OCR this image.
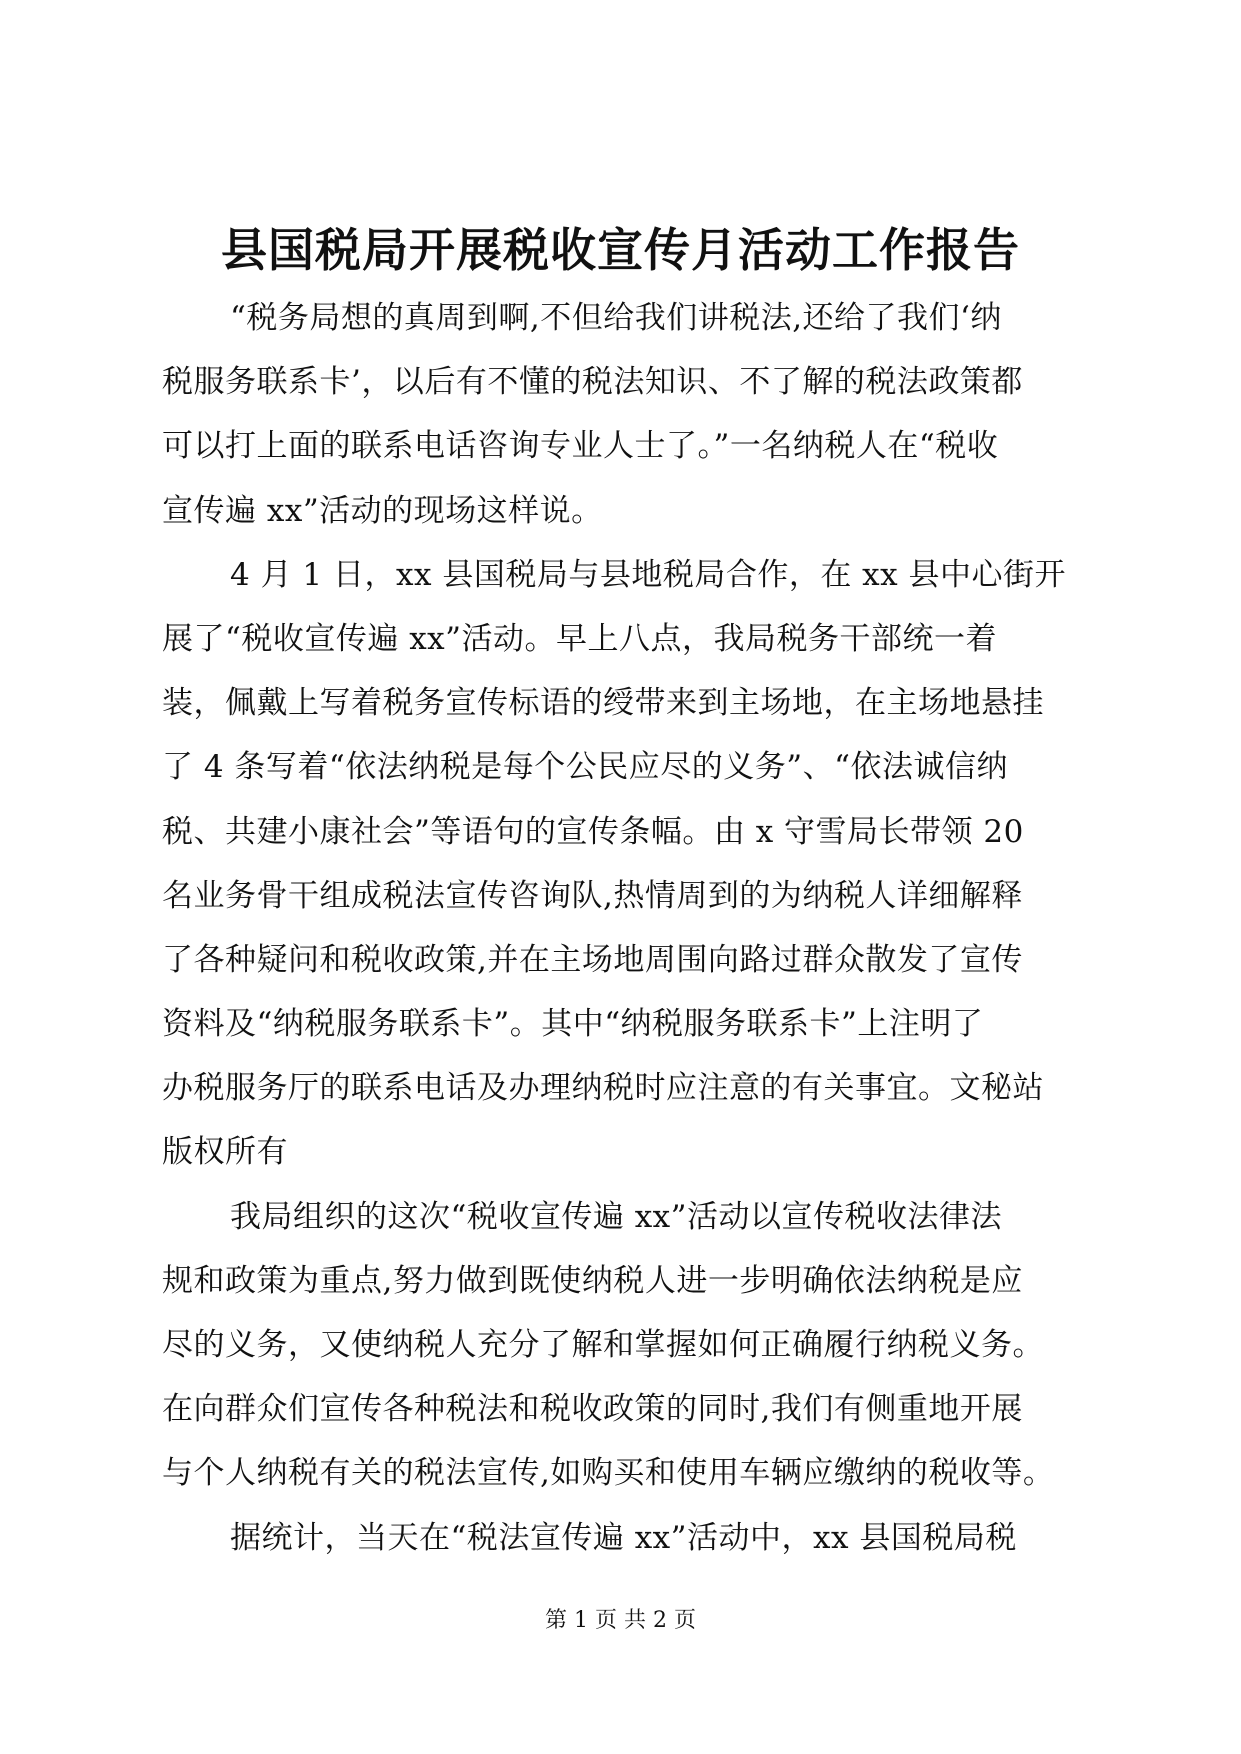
县国税局开展税收宣传月活动工作报告
“税务局想的真周到啊,不但给我们讲税法,还给了我们‘纳
税服务联系卡’，以后有不懂的税法知识、不了解的税法政策都
可以打上面的联系电话咨询专业人士了。”一名纳税人在“税收
宣传遍 xx”活动的现场这样说。
4 月 1 日，xx 县国税局与县地税局合作，在 xx 县中心街开
展了“税收宣传遍 xx”活动。早上八点，我局税务干部统一着
装，佩戴上写着税务宣传标语的绶带来到主场地，在主场地悬挂
了 4 条写着“依法纳税是每个公民应尽的义务”、“依法诚信纳
税、共建小康社会”等语句的宣传条幅。由 x 守雪局长带领 20
名业务骨干组成税法宣传咨询队,热情周到的为纳税人详细解释
了各种疑问和税收政策,并在主场地周围向路过群众散发了宣传
资料及“纳税服务联系卡”。其中“纳税服务联系卡”上注明了
办税服务厅的联系电话及办理纳税时应注意的有关事宜。文秘站
版权所有
我局组织的这次“税收宣传遍 xx”活动以宣传税收法律法
规和政策为重点,努力做到既使纳税人进一步明确依法纳税是应
尽的义务，又使纳税人充分了解和掌握如何正确履行纳税义务。
在向群众们宣传各种税法和税收政策的同时,我们有侧重地开展
与个人纳税有关的税法宣传,如购买和使用车辆应缴纳的税收等。
据统计，当天在“税法宣传遍 xx”活动中，xx 县国税局税
第 1 页 共 2 页
